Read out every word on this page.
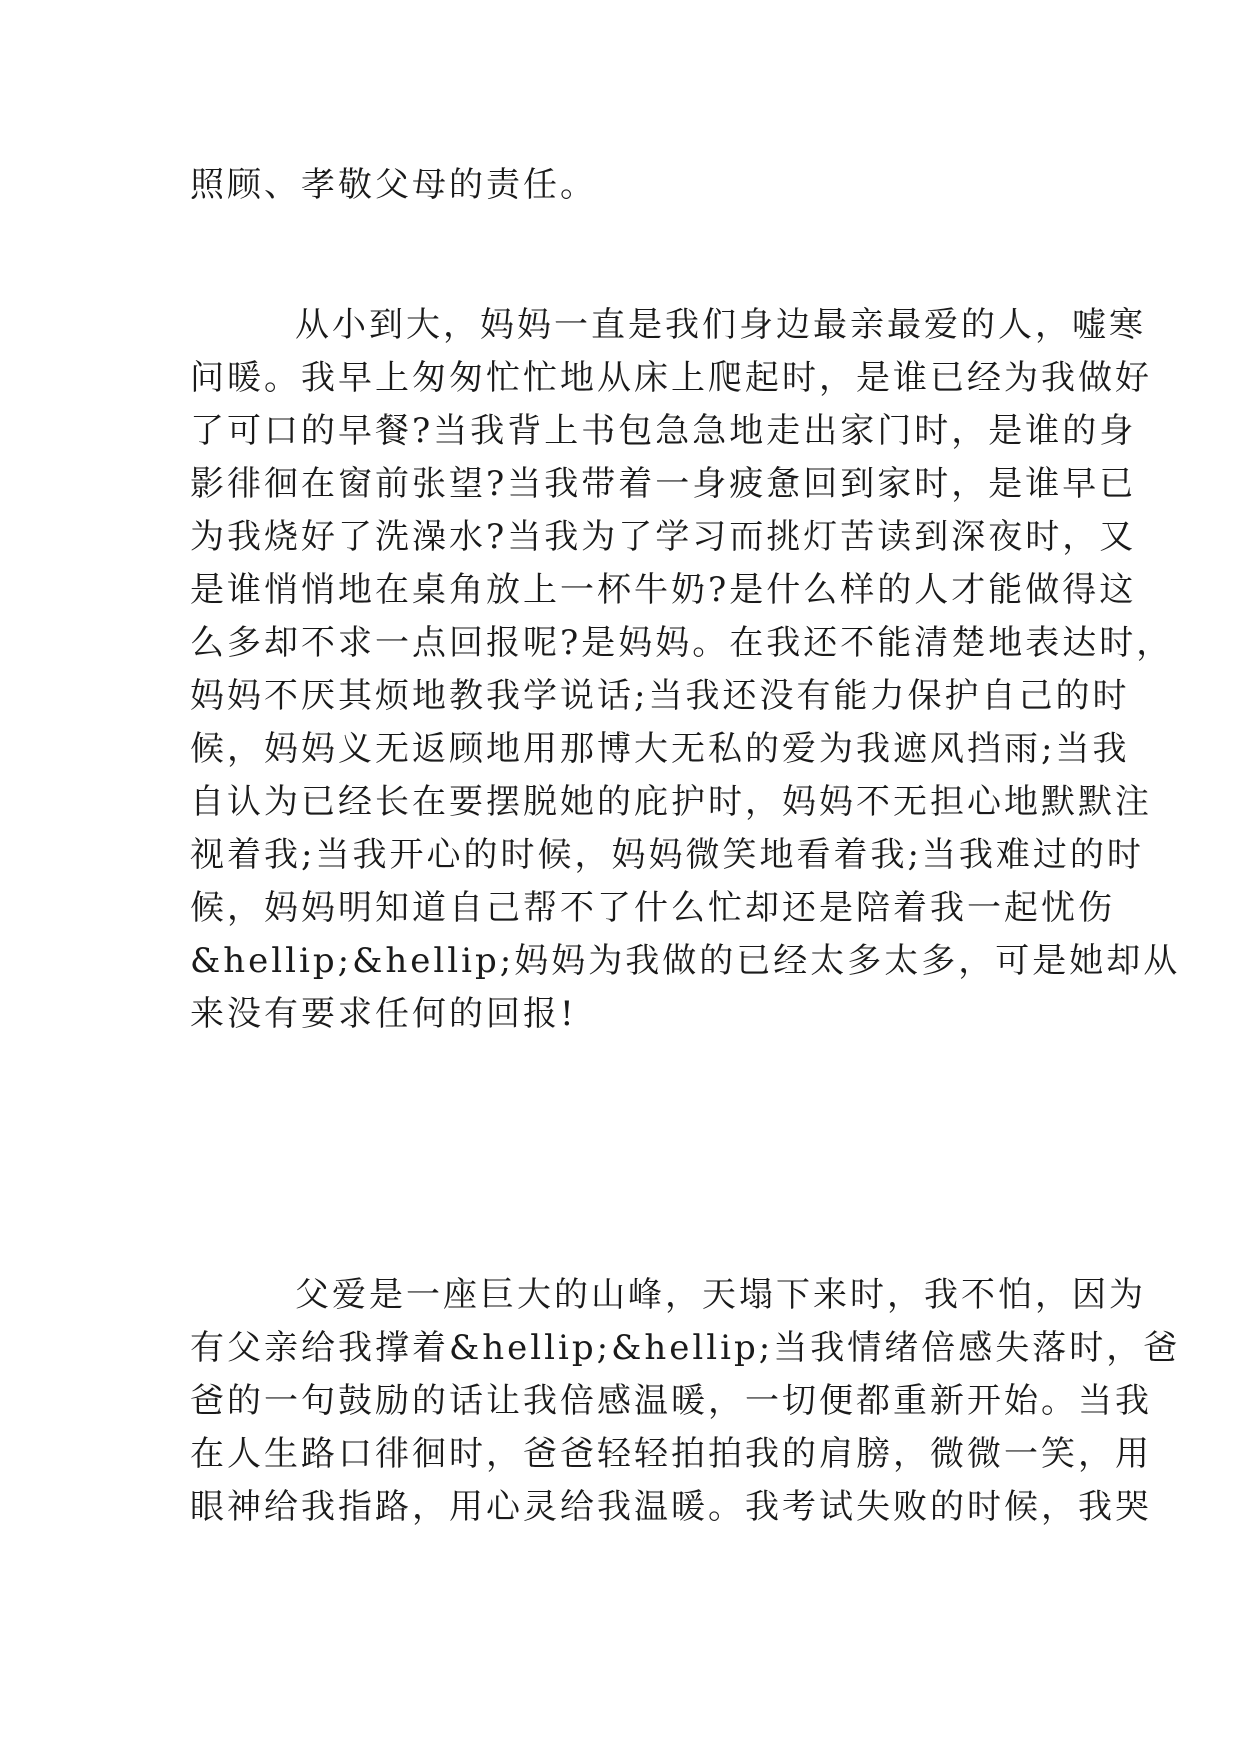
照顾、孝敬父母的责任。

从小到大，妈妈一直是我们身边最亲最爱的人，嘘寒

问暖。我早上匆匆忙忙地从床上爬起时，是谁已经为我做好

了可口的早餐?当我背上书包急急地走出家门时，是谁的身

影徘徊在窗前张望?当我带着一身疲惫回到家时，是谁早已

为我烧好了洗澡水?当我为了学习而挑灯苦读到深夜时，又

是谁悄悄地在桌角放上一杯牛奶?是什么样的人才能做得这

么多却不求一点回报呢?是妈妈。在我还不能清楚地表达时，

妈妈不厌其烦地教我学说话;当我还没有能力保护自己的时

候，妈妈义无返顾地用那博大无私的爱为我遮风挡雨;当我

自认为已经长在要摆脱她的庇护时，妈妈不无担心地默默注

视着我;当我开心的时候，妈妈微笑地看着我;当我难过的时

候，妈妈明知道自己帮不了什么忙却还是陪着我一起忧伤

&hellip;&hellip;妈妈为我做的已经太多太多，可是她却从

来没有要求任何的回报!

父爱是一座巨大的山峰，天塌下来时，我不怕，因为

有父亲给我撑着&hellip;&hellip;当我情绪倍感失落时，爸

爸的一句鼓励的话让我倍感温暖，一切便都重新开始。当我

在人生路口徘徊时，爸爸轻轻拍拍我的肩膀，微微一笑，用

眼神给我指路，用心灵给我温暖。我考试失败的时候，我哭
